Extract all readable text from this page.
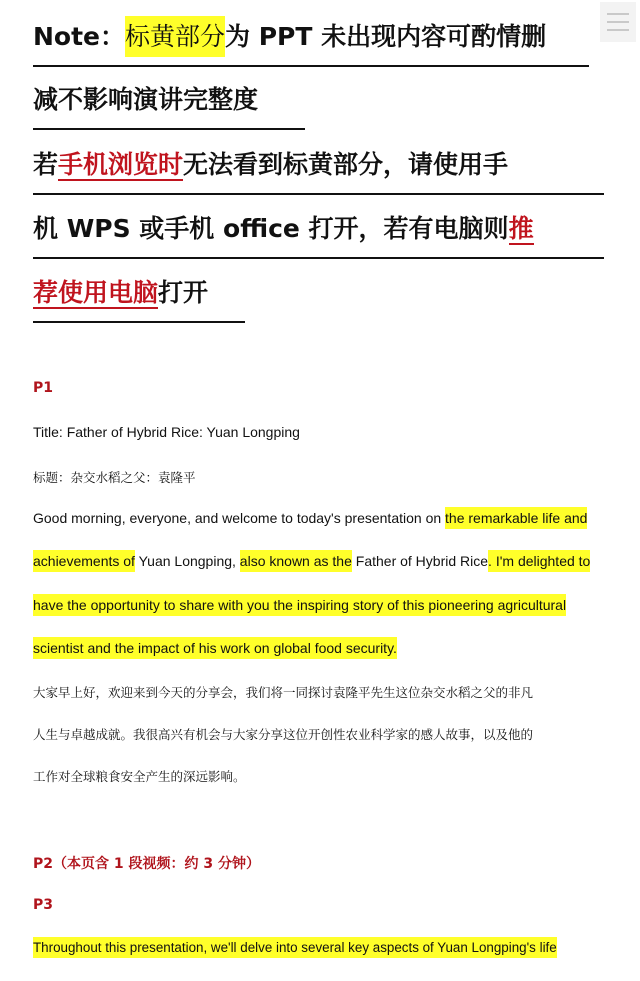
Note：标黄部分为 PPT 未出现内容可酌情删
减不影响演讲完整度
若手机浏览时无法看到标黄部分，请使用手
机 WPS 或手机 office 打开，若有电脑则推
荐使用电脑打开
P1
Title: Father of Hybrid Rice: Yuan Longping
标题：杂交水稻之父：袁隆平
Good morning, everyone, and welcome to today's presentation on the remarkable life and
achievements of Yuan Longping, also known as the Father of Hybrid Rice. I'm delighted to
have the opportunity to share with you the inspiring story of this pioneering agricultural
scientist and the impact of his work on global food security.
大家早上好，欢迎来到今天的分享会，我们将一同探讨袁隆平先生这位杂交水稻之父的非凡
人生与卓越成就。我很高兴有机会与大家分享这位开创性农业科学家的感人故事，以及他的
工作对全球粮食安全产生的深远影响。
P2（本页含 1 段视频：约 3 分钟）
P3
Throughout this presentation, we'll delve into several key aspects of Yuan Longping's life
